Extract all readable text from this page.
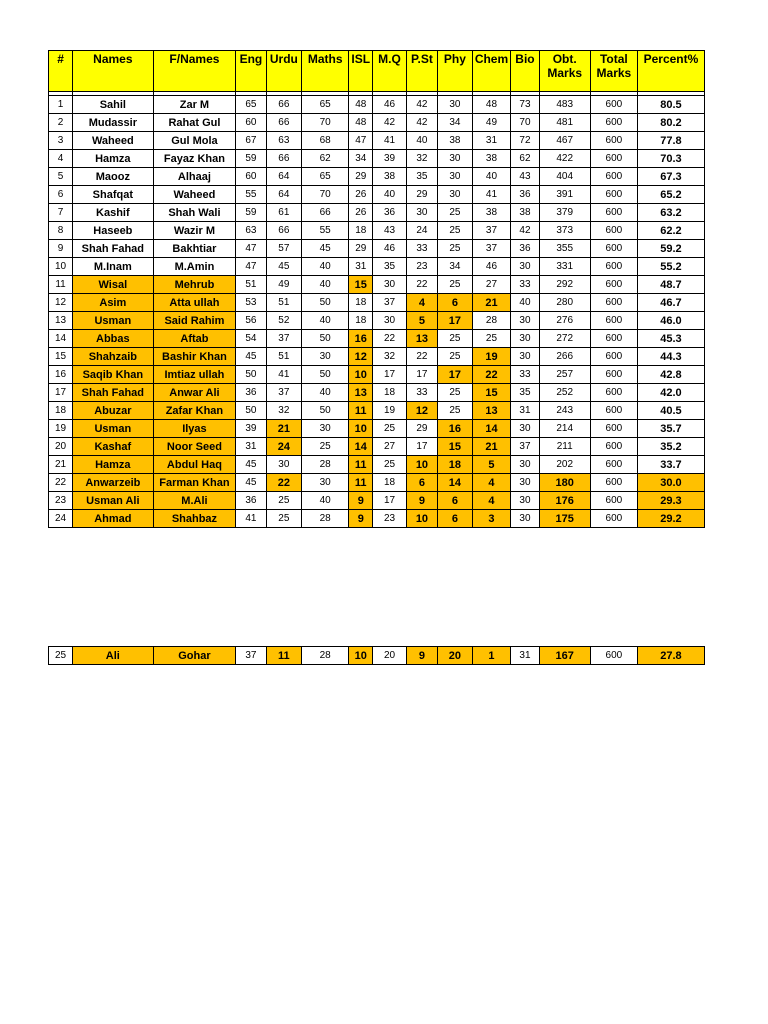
#	Names	F/Names	Eng	Urdu	Maths	ISL	M.Q	P.St	Phy	Chem	Bio	Obt. Marks	Total Marks	Percent%

1	Sahil	Zar M	65	66	65	48	46	42	30	48	73	483	600	80.5
2	Mudassir	Rahat Gul	60	66	70	48	42	42	34	49	70	481	600	80.2
3	Waheed	Gul Mola	67	63	68	47	41	40	38	31	72	467	600	77.8
4	Hamza	Fayaz Khan	59	66	62	34	39	32	30	38	62	422	600	70.3
5	Maooz	Alhaaj	60	64	65	29	38	35	30	40	43	404	600	67.3
6	Shafqat	Waheed	55	64	70	26	40	29	30	41	36	391	600	65.2
7	Kashif	Shah Wali	59	61	66	26	36	30	25	38	38	379	600	63.2
8	Haseeb	Wazir M	63	66	55	18	43	24	25	37	42	373	600	62.2
9	Shah Fahad	Bakhtiar	47	57	45	29	46	33	25	37	36	355	600	59.2
10	M.Inam	M.Amin	47	45	40	31	35	23	34	46	30	331	600	55.2
11	Wisal	Mehrub	51	49	40	15	30	22	25	27	33	292	600	48.7
12	Asim	Atta ullah	53	51	50	18	37	4	6	21	40	280	600	46.7
13	Usman	Said Rahim	56	52	40	18	30	5	17	28	30	276	600	46.0
14	Abbas	Aftab	54	37	50	16	22	13	25	25	30	272	600	45.3
15	Shahzaib	Bashir Khan	45	51	30	12	32	22	25	19	30	266	600	44.3
16	Saqib Khan	Imtiaz ullah	50	41	50	10	17	17	17	22	33	257	600	42.8
17	Shah Fahad	Anwar Ali	36	37	40	13	18	33	25	15	35	252	600	42.0
18	Abuzar	Zafar Khan	50	32	50	11	19	12	25	13	31	243	600	40.5
19	Usman	Ilyas	39	21	30	10	25	29	16	14	30	214	600	35.7
20	Kashaf	Noor Seed	31	24	25	14	27	17	15	21	37	211	600	35.2
21	Hamza	Abdul Haq	45	30	28	11	25	10	18	5	30	202	600	33.7
22	Anwarzeib	Farman Khan	45	22	30	11	18	6	14	4	30	180	600	30.0
23	Usman Ali	M.Ali	36	25	40	9	17	9	6	4	30	176	600	29.3
24	Ahmad	Shahbaz	41	25	28	9	23	10	6	3	30	175	600	29.2
25	Ali	Gohar	37	11	28	10	20	9	20	1	31	167	600	27.8
